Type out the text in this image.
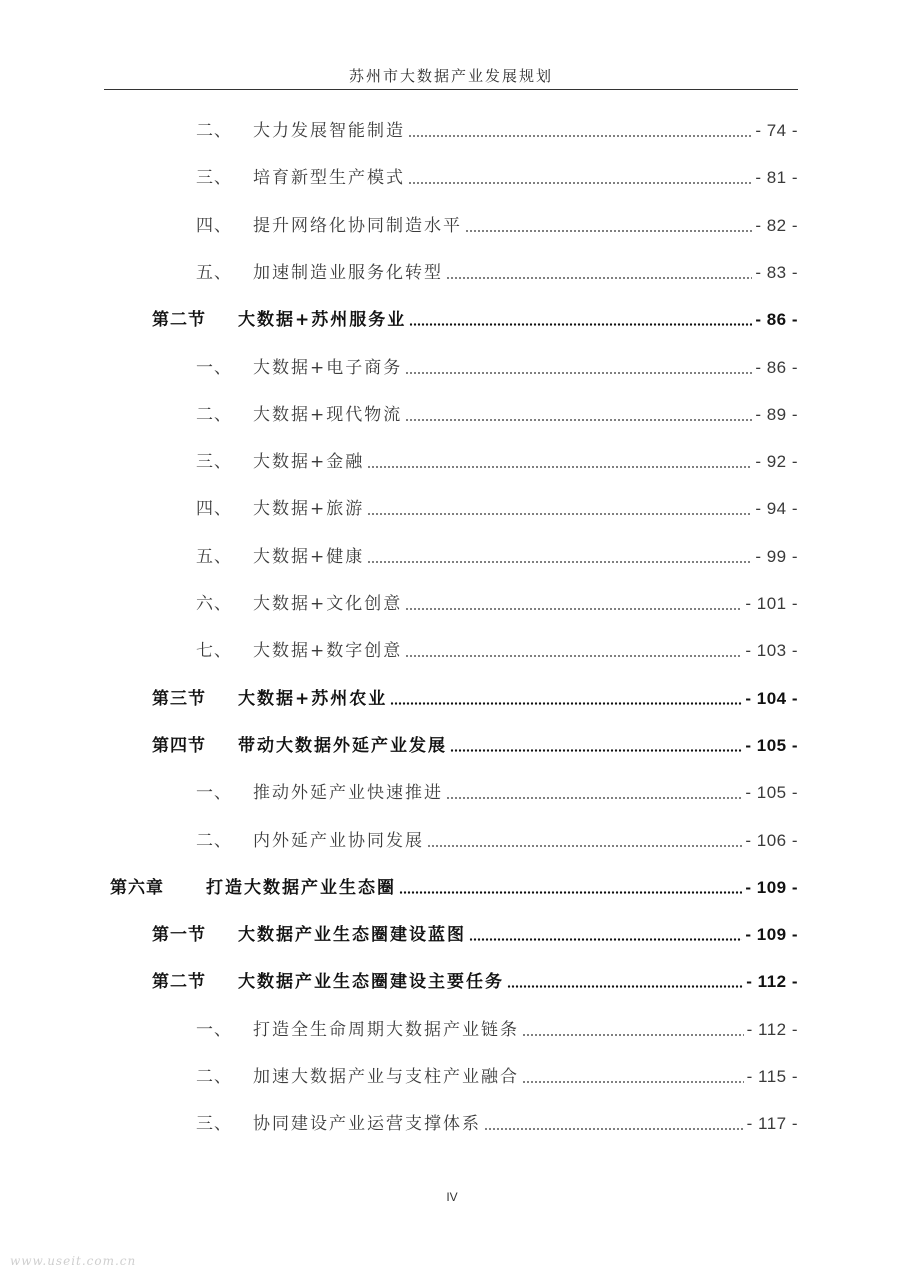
苏州市大数据产业发展规划
二、	大力发展智能制造	- 74 -
三、	培育新型生产模式	- 81 -
四、	提升网络化协同制造水平	- 82 -
五、	加速制造业服务化转型	- 83 -
第二节	大数据+苏州服务业	- 86 -
一、	大数据+电子商务	- 86 -
二、	大数据+现代物流	- 89 -
三、	大数据+金融	- 92 -
四、	大数据+旅游	- 94 -
五、	大数据+健康	- 99 -
六、	大数据+文化创意	- 101 -
七、	大数据+数字创意	- 103 -
第三节	大数据+苏州农业	- 104 -
第四节	带动大数据外延产业发展	- 105 -
一、	推动外延产业快速推进	- 105 -
二、	内外延产业协同发展	- 106 -
第六章	打造大数据产业生态圈	- 109 -
第一节	大数据产业生态圈建设蓝图	- 109 -
第二节	大数据产业生态圈建设主要任务	- 112 -
一、	打造全生命周期大数据产业链条	- 112 -
二、	加速大数据产业与支柱产业融合	- 115 -
三、	协同建设产业运营支撑体系	- 117 -
IV
www.useit.com.cn
